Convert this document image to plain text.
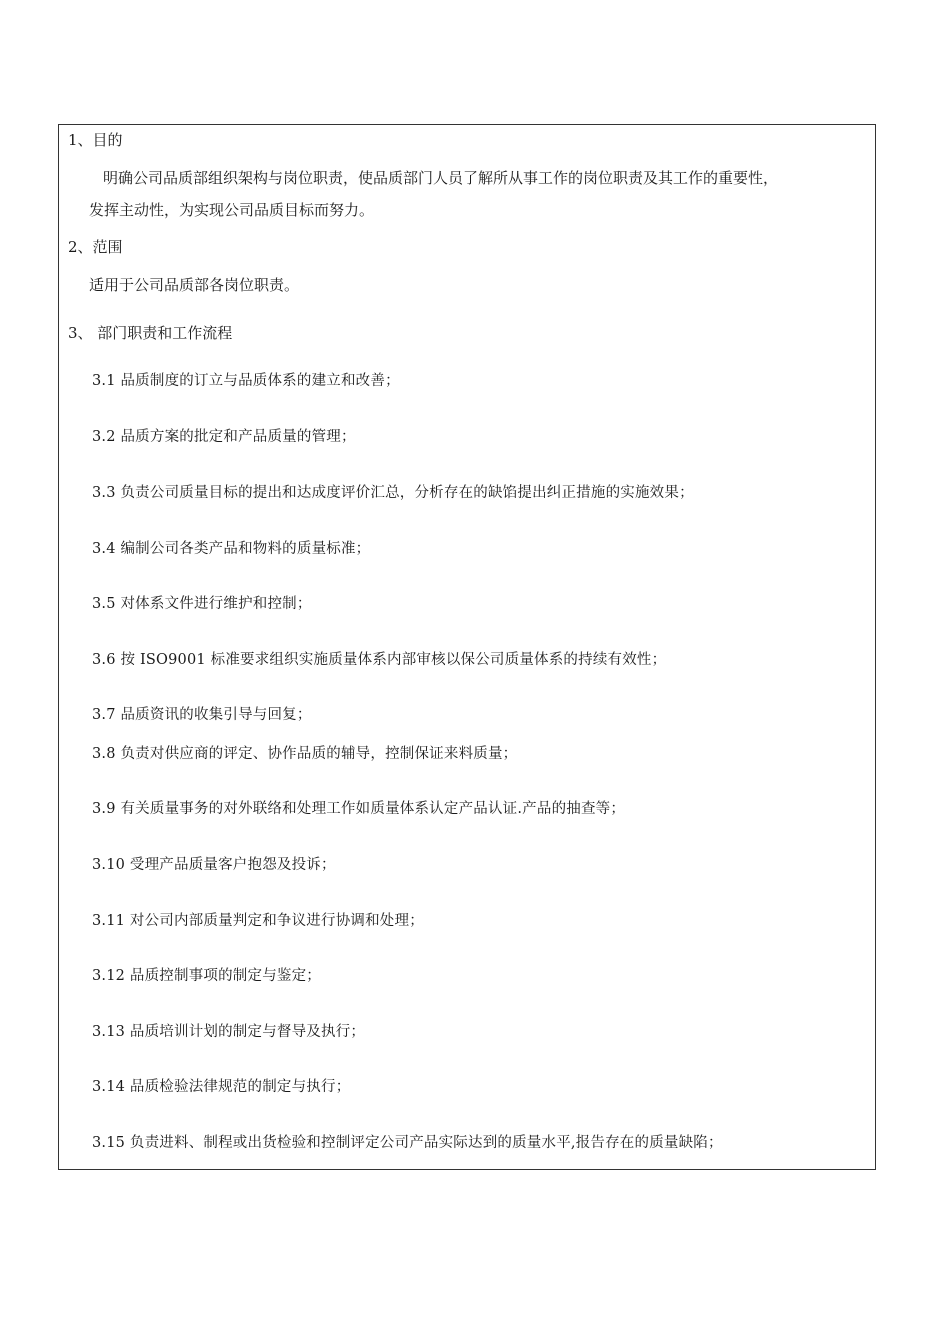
1、目的
明确公司品质部组织架构与岗位职责，使品质部门人员了解所从事工作的岗位职责及其工作的重要性，
发挥主动性，为实现公司品质目标而努力。
2、范围
适用于公司品质部各岗位职责。
3、 部门职责和工作流程
3.1 品质制度的订立与品质体系的建立和改善；
3.2 品质方案的批定和产品质量的管理；
3.3 负责公司质量目标的提出和达成度评价汇总，分析存在的缺馅提出纠正措施的实施效果；
3.4 编制公司各类产品和物料的质量标准；
3.5 对体系文件进行维护和控制；
3.6 按 ISO9001 标准要求组织实施质量体系内部审核以保公司质量体系的持续有效性；
3.7 品质资讯的收集引导与回复；
3.8 负责对供应商的评定、协作品质的辅导，控制保证来料质量；
3.9 有关质量事务的对外联络和处理工作如质量体系认定产品认证.产品的抽查等；
3.10 受理产品质量客户抱怨及投诉；
3.11 对公司内部质量判定和争议进行协调和处理；
3.12 品质控制事项的制定与鉴定；
3.13 品质培训计划的制定与督导及执行；
3.14 品质检验法律规范的制定与执行；
3.15 负责进料、制程或出货检验和控制评定公司产品实际达到的质量水平,报告存在的质量缺陷；
